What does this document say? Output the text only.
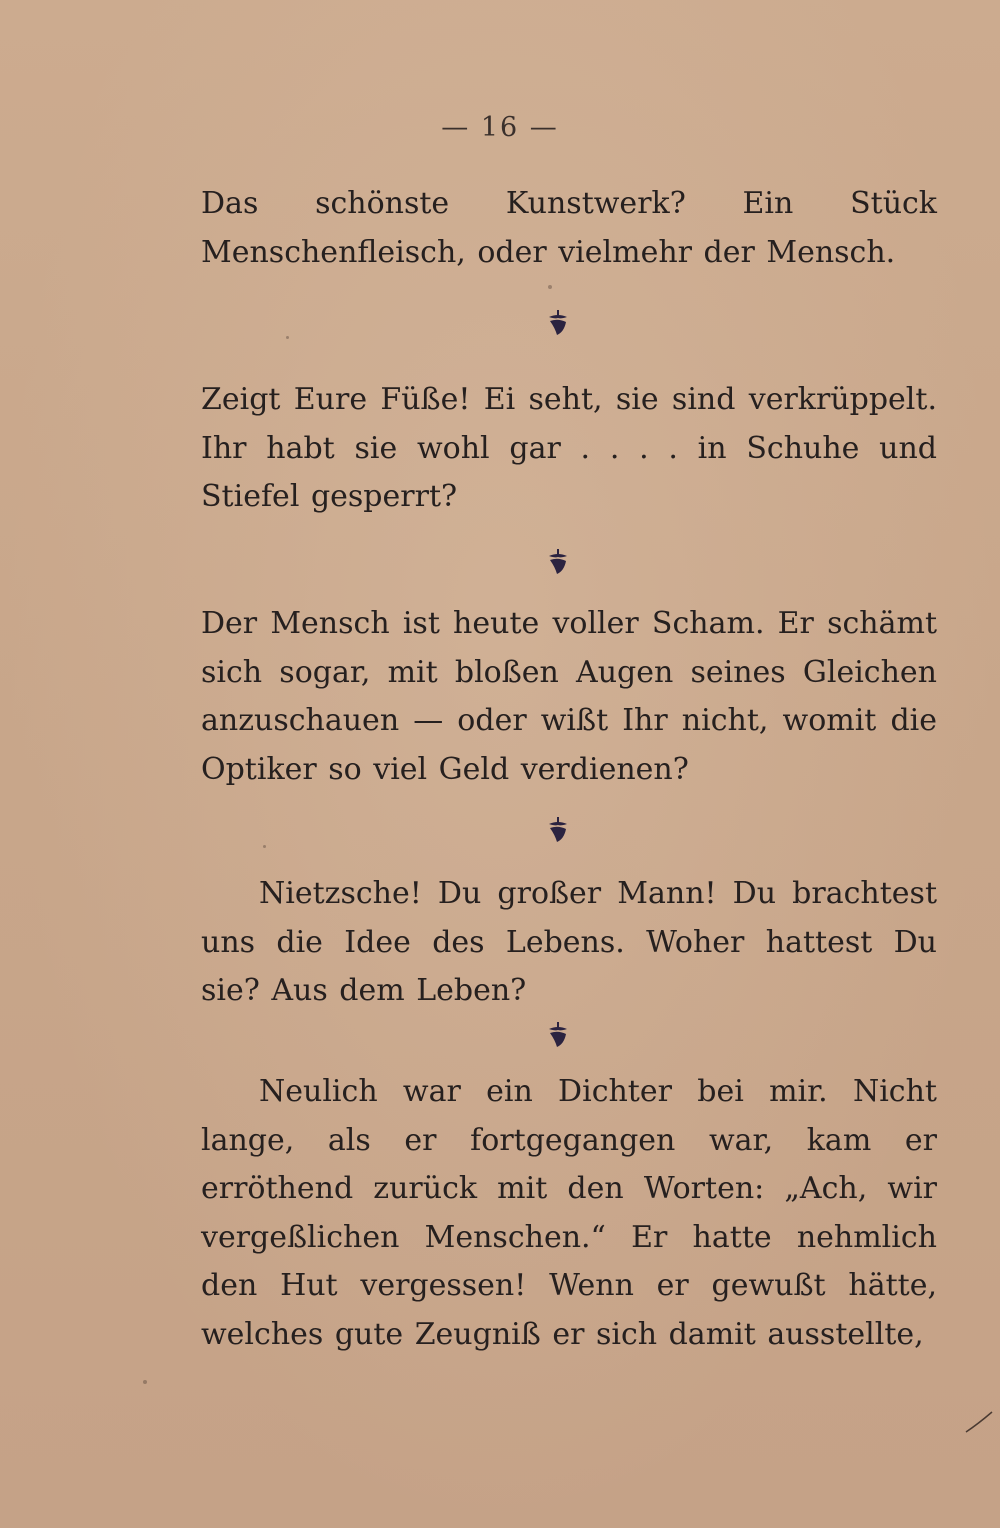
— 16 —

Das schönste Kunstwerk? Ein Stück Menschenfleisch, oder vielmehr der Mensch.

Zeigt Eure Füße! Ei seht, sie sind verkrüppelt. Ihr habt sie wohl gar . . . . in Schuhe und Stiefel gesperrt?

Der Mensch ist heute voller Scham. Er schämt sich sogar, mit bloßen Augen seines Gleichen anzuschauen — oder wißt Ihr nicht, womit die Optiker so viel Geld verdienen?

Nietzsche! Du großer Mann! Du brachtest uns die Idee des Lebens. Woher hattest Du sie? Aus dem Leben?

Neulich war ein Dichter bei mir. Nicht lange, als er fortgegangen war, kam er erröthend zurück mit den Worten: „Ach, wir vergeßlichen Menschen.“ Er hatte nehmlich den Hut vergessen! Wenn er gewußt hätte, welches gute Zeugniß er sich damit ausstellte,
